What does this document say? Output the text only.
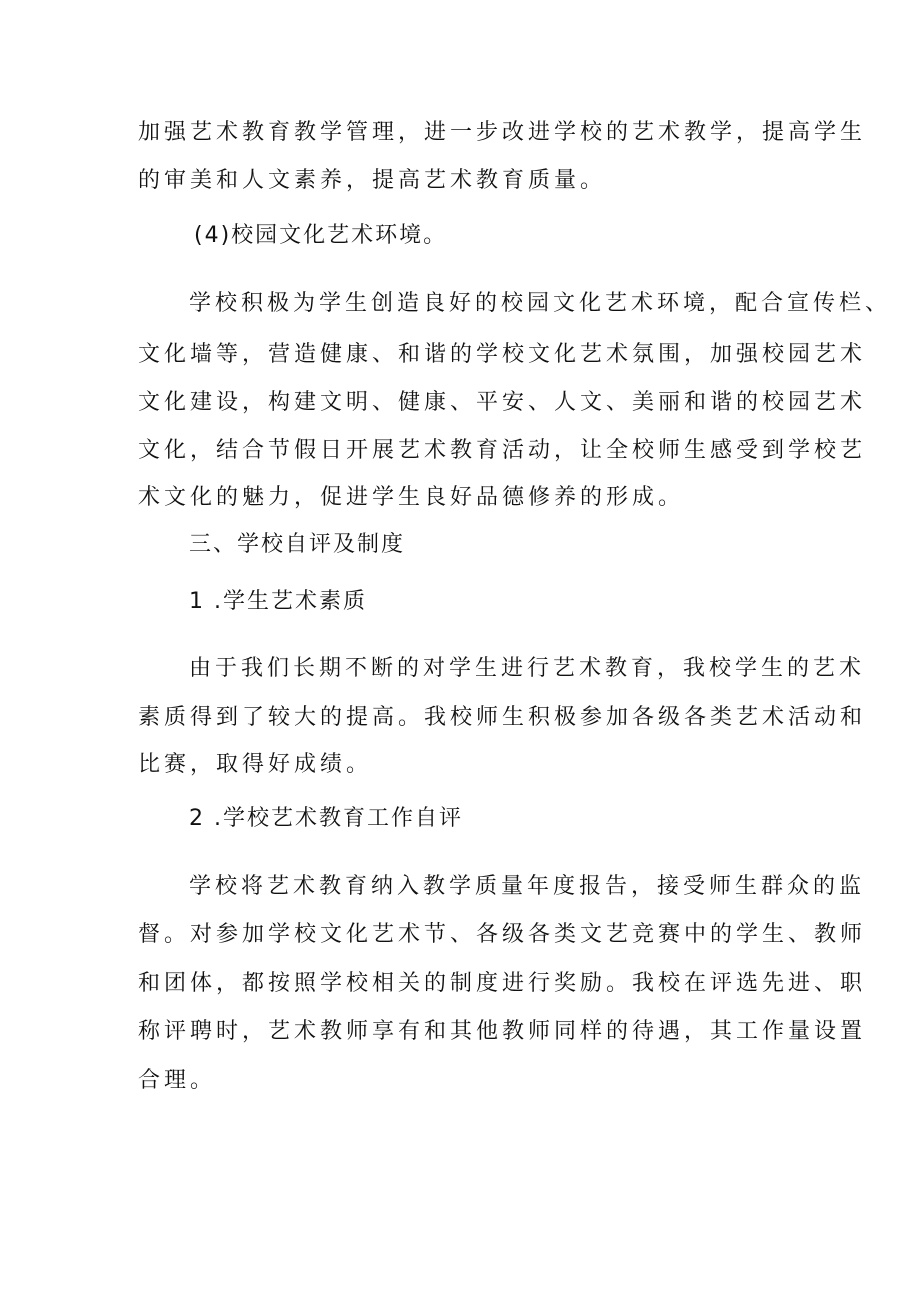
加强艺术教育教学管理，进一步改进学校的艺术教学，提高学生
的审美和人文素养，提高艺术教育质量。
(4)校园文化艺术环境。
学校积极为学生创造良好的校园文化艺术环境，配合宣传栏、
文化墙等，营造健康、和谐的学校文化艺术氛围，加强校园艺术
文化建设，构建文明、健康、平安、人文、美丽和谐的校园艺术
文化，结合节假日开展艺术教育活动，让全校师生感受到学校艺
术文化的魅力，促进学生良好品德修养的形成。
三、学校自评及制度
1 .学生艺术素质
由于我们长期不断的对学生进行艺术教育，我校学生的艺术
素质得到了较大的提高。我校师生积极参加各级各类艺术活动和
比赛，取得好成绩。
2 .学校艺术教育工作自评
学校将艺术教育纳入教学质量年度报告，接受师生群众的监
督。对参加学校文化艺术节、各级各类文艺竞赛中的学生、教师
和团体，都按照学校相关的制度进行奖励。我校在评选先进、职
称评聘时，艺术教师享有和其他教师同样的待遇，其工作量设置
合理。
